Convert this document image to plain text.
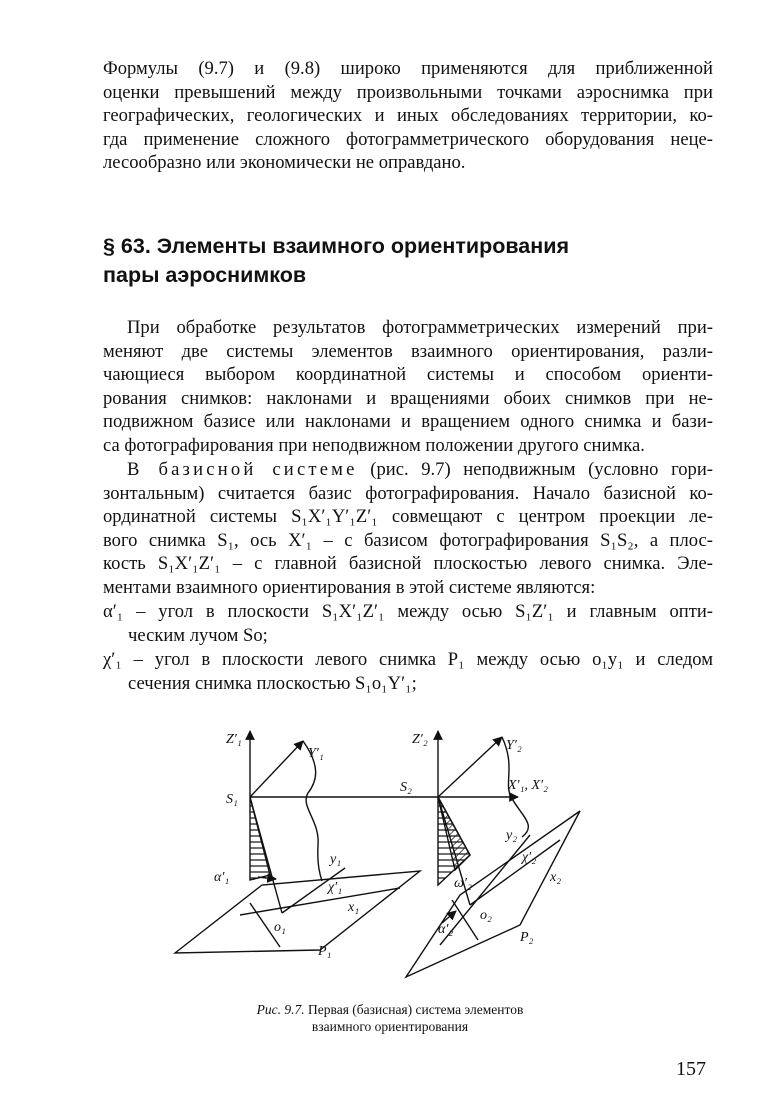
Формулы (9.7) и (9.8) широко применяются для приближенной
оценки превышений между произвольными точками аэроснимка при
географических, геологических и иных обследованиях территории, ко-
гда применение сложного фотограмметрического оборудования неце-
лесообразно или экономически не оправдано.

§ 63. Элементы взаимного ориентирования
пары аэроснимков

При обработке результатов фотограмметрических измерений при-
меняют две системы элементов взаимного ориентирования, разли-
чающиеся выбором координатной системы и способом ориенти-
рования снимков: наклонами и вращениями обоих снимков при не-
подвижном базисе или наклонами и вращением одного снимка и бази-
са фотографирования при неподвижном положении другого снимка.

В базисной системе (рис. 9.7) неподвижным (условно гори-
зонтальным) считается базис фотографирования. Начало базисной ко-
ординатной системы S₁X′₁Y′₁Z′₁ совмещают с центром проекции ле-
вого снимка S₁, ось X′₁ – с базисом фотографирования S₁S₂, а плос-
кость S₁X′₁Z′₁ – с главной базисной плоскостью левого снимка. Эле-
ментами взаимного ориентирования в этой системе являются:

α′₁ – угол в плоскости S₁X′₁Z′₁ между осью S₁Z′₁ и главным опти-
ческим лучом So;
χ′₁ – угол в плоскости левого снимка P₁ между осью o₁y₁ и следом
сечения снимка плоскостью S₁o₁Y′₁;
Z′₁
Y′₁
S₁
y₁
α′₁
χ′₁
x₁
o₁
P₁
Z′₂	Y′₂
S₂	X′₁, X′₂
y₂
χ′₂
x₂
ω′₂
α′₂
o₂
P₂
Рис. 9.7. Первая (базисная) система элементов
взаимного ориентирования
157
